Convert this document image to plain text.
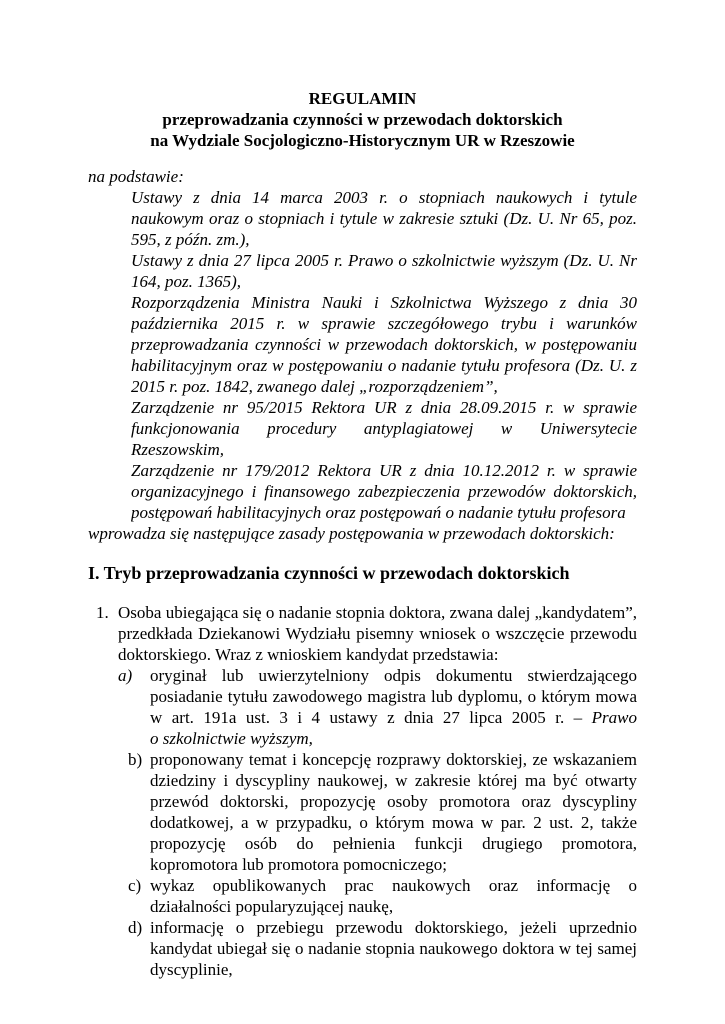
REGULAMIN
przeprowadzania czynności w przewodach doktorskich
na Wydziale Socjologiczno-Historycznym UR w Rzeszowie
na podstawie:
Ustawy z dnia 14 marca 2003 r. o stopniach naukowych i tytule
naukowym oraz o stopniach i tytule w zakresie sztuki (Dz. U. Nr 65, poz.
595, z późn. zm.),
Ustawy z dnia 27 lipca 2005 r. Prawo o szkolnictwie wyższym (Dz. U. Nr
164, poz. 1365),
Rozporządzenia Ministra Nauki i Szkolnictwa Wyższego z dnia 30
października 2015 r. w sprawie szczegółowego trybu i warunków
przeprowadzania czynności w przewodach doktorskich, w postępowaniu
habilitacyjnym oraz w postępowaniu o nadanie tytułu profesora (Dz. U. z
2015 r. poz. 1842, zwanego dalej „rozporządzeniem”,
Zarządzenie nr 95/2015 Rektora UR z dnia 28.09.2015 r. w sprawie
funkcjonowania procedury antyplagiatowej w Uniwersytecie
Rzeszowskim,
Zarządzenie nr 179/2012 Rektora UR z dnia 10.12.2012 r. w sprawie
organizacyjnego i finansowego zabezpieczenia przewodów doktorskich,
postępowań habilitacyjnych oraz postępowań o nadanie tytułu profesora
wprowadza się następujące zasady postępowania w przewodach doktorskich:
I. Tryb przeprowadzania czynności w przewodach doktorskich
1. Osoba ubiegająca się o nadanie stopnia doktora, zwana dalej „kandydatem”,
przedkłada Dziekanowi Wydziału pisemny wniosek o wszczęcie przewodu
doktorskiego. Wraz z wnioskiem kandydat przedstawia:
a) oryginał lub uwierzytelniony odpis dokumentu stwierdzającego
posiadanie tytułu zawodowego magistra lub dyplomu, o którym mowa
w art. 191a ust. 3 i 4 ustawy z dnia 27 lipca 2005 r. – Prawo
o szkolnictwie wyższym,
b) proponowany temat i koncepcję rozprawy doktorskiej, ze wskazaniem
dziedziny i dyscypliny naukowej, w zakresie której ma być otwarty
przewód doktorski, propozycję osoby promotora oraz dyscypliny
dodatkowej, a w przypadku, o którym mowa w par. 2 ust. 2, także
propozycję osób do pełnienia funkcji drugiego promotora,
kopromotora lub promotora pomocniczego;
c) wykaz opublikowanych prac naukowych oraz informację o
działalności popularyzującej naukę,
d) informację o przebiegu przewodu doktorskiego, jeżeli uprzednio
kandydat ubiegał się o nadanie stopnia naukowego doktora w tej samej
dyscyplinie,
